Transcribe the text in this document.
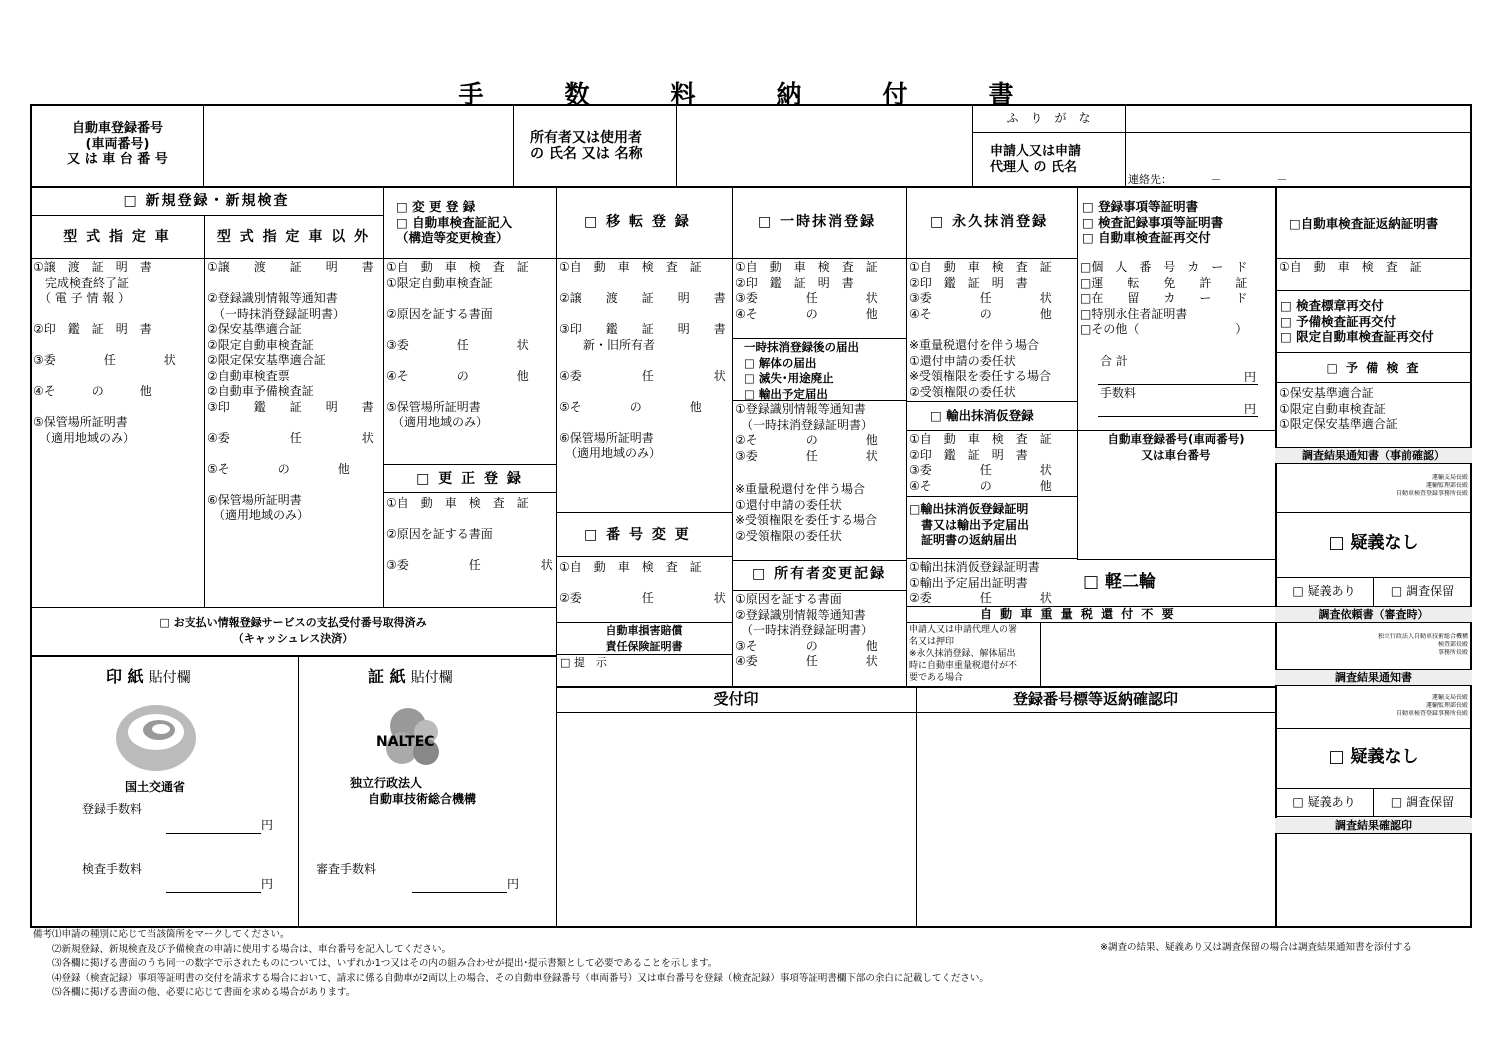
手　数　料　納　付　書
自動車登録番号
(車両番号)
又 は 車 台 番 号
所有者又は使用者
の 氏名 又は 名称
ふ　り　が　な
申請人又は申請
代理人 の 氏名
連絡先：　　　　－　　　　　－
□ 新規登録・新規検査
型 式 指 定 車	型 式 指 定 車 以 外
①譲　渡　証　明　書
　完成検査終了証
　（ 電 子 情 報 ）
②印　鑑　証　明　書
③委　　　　任　　　　状
④そ　　　の　　　他
⑤保管場所証明書
　（適用地域のみ）
①譲　　渡　　証　　明　　書
②登録識別情報等通知書
　（一時抹消登録証明書）
②保安基準適合証
②限定自動車検査証
②限定保安基準適合証
②自動車検査票
②自動車予備検査証
③印　　鑑　　証　　明　　書
④委　　　　　任　　　　　状
⑤そ　　　　の　　　　他
⑥保管場所証明書
　（適用地域のみ）
□ 変 更 登 録
□ 自動車検査証記入
（構造等変更検査）
①自　動　車　検　査　証
①限定自動車検査証
②原因を証する書面
③委　　　　任　　　　状
④そ　　　　の　　　　他
⑤保管場所証明書
　（適用地域のみ）
□ 更 正 登 録
①自　動　車　検　査　証
②原因を証する書面
③委　　　　　任　　　　　状
□ 移 転 登 録
①自　動　車　検　査　証
②譲　　渡　　証　　明　　書
③印　　鑑　　証　　明　　書
　　新・旧所有者
④委　　　　　任　　　　　状
⑤そ　　　　の　　　　他
⑥保管場所証明書
　（適用地域のみ）
□ 番 号 変 更
①自　動　車　検　査　証
②委　　　　　任　　　　　状
自動車損害賠償
責任保険証明書
□ 提　示
□ 一時抹消登録
①自　動　車　検　査　証
②印　鑑　証　明　書
③委　　　　任　　　　状
④そ　　　　の　　　　他
一時抹消登録後の届出
□ 解体の届出
□ 滅失･用途廃止
□ 輸出予定届出
①登録識別情報等通知書
　（一時抹消登録証明書）
②そ　　　　の　　　　他
③委　　　　任　　　　状
※重量税還付を伴う場合
①還付申請の委任状
※受領権限を委任する場合
②受領権限の委任状
□ 所有者変更記録
①原因を証する書面
②登録識別情報等通知書
　（一時抹消登録証明書）
③そ　　　　の　　　　他
④委　　　　任　　　　状
□ 永久抹消登録
①自　動　車　検　査　証
②印　鑑　証　明　書
③委　　　　任　　　　状
④そ　　　　の　　　　他
※重量税還付を伴う場合
①還付申請の委任状
※受領権限を委任する場合
②受領権限の委任状
□ 輸出抹消仮登録
①自　動　車　検　査　証
②印　鑑　証　明　書
③委　　　　任　　　　状
④そ　　　　の　　　　他
□輸出抹消仮登録証明
　書又は輸出予定届出
　証明書の返納届出
①輸出抹消仮登録証明書
①輸出予定届出証明書
②委　　　　任　　　　状
□ 登録事項等証明書
□ 検査記録事項等証明書
□ 自動車検査証再交付
□個　人　番　号　カ　ー　ド
□運　　転　　免　　許　　証
□在　　留　　カ　　ー　　ド
□特別永住者証明書
□その他（　　　　　　　　）
合 計
円
手数料
円
自動車登録番号(車両番号)
又は車台番号
□ 軽二輪
自 動 車 重 量 税 還 付 不 要
申請人又は申請代理人の署
名又は押印
※永久抹消登録、解体届出
時に自動車重量税還付が不
要である場合
□自動車検査証返納証明書
①自　動　車　検　査　証
□ 検査標章再交付
□ 予備検査証再交付
□ 限定自動車検査証再交付
□ 予 備 検 査
①保安基準適合証
①限定自動車検査証
①限定保安基準適合証
調査結果通知書（事前確認）
運輸支局長殿
運輸監理部長殿
自動車検査登録事務所長殿
□ 疑義なし
□ 疑義あり	□ 調査保留
調査依頼書（審査時）
独立行政法人自動車技術総合機構
検査部長殿
事務所長殿
調査結果通知書
運輸支局長殿
運輸監理部長殿
自動車検査登録事務所長殿
□ 疑義なし
□ 疑義あり	□ 調査保留
調査結果確認印
□ お支払い情報登録サービスの支払受付番号取得済み
（キャッシュレス決済）
印 紙 貼付欄
国土交通省
登録手数料
円
検査手数料
円
証 紙 貼付欄
NALTEC
独立行政法人
自動車技術総合機構
審査手数料
円
受付印	登録番号標等返納確認印
備考⑴申請の種別に応じて当該箇所をマークしてください。
　　⑵新規登録、新規検査及び予備検査の申請に使用する場合は、車台番号を記入してください。
　　⑶各欄に掲げる書面のうち同一の数字で示されたものについては、いずれか1つ又はその内の組み合わせが提出･提示書類として必要であることを示します。
　　⑷登録（検査記録）事項等証明書の交付を請求する場合において、請求に係る自動車が2両以上の場合、その自動車登録番号（車両番号）又は車台番号を登録（検査記録）事項等証明書欄下部の余白に記載してください。
　　⑸各欄に掲げる書面の他、必要に応じて書面を求める場合があります。
※調査の結果、疑義あり又は調査保留の場合は調査結果通知書を添付する
